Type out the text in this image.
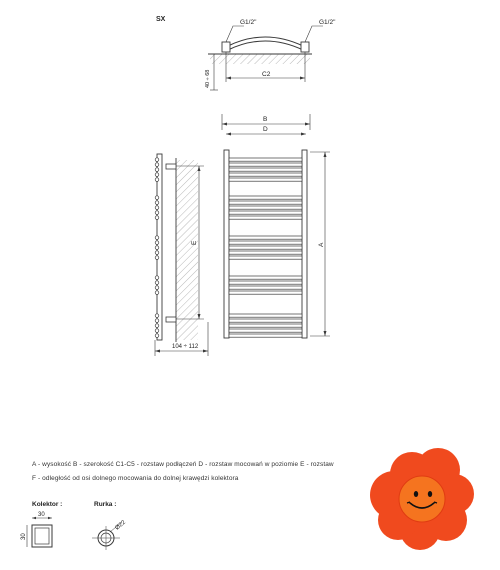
SX	G1/2"	G1/2"
C2
40 ÷ 68
B
D
A
E
104 ÷ 112
30
30
Ø22
A - wysokość B - szerokość C1-C5 - rozstaw podłączeń D - rozstaw mocowań w poziomie E - rozstaw
F - odległość od osi dolnego mocowania do dolnej krawędzi kolektora
Kolektor :	Rurka :
